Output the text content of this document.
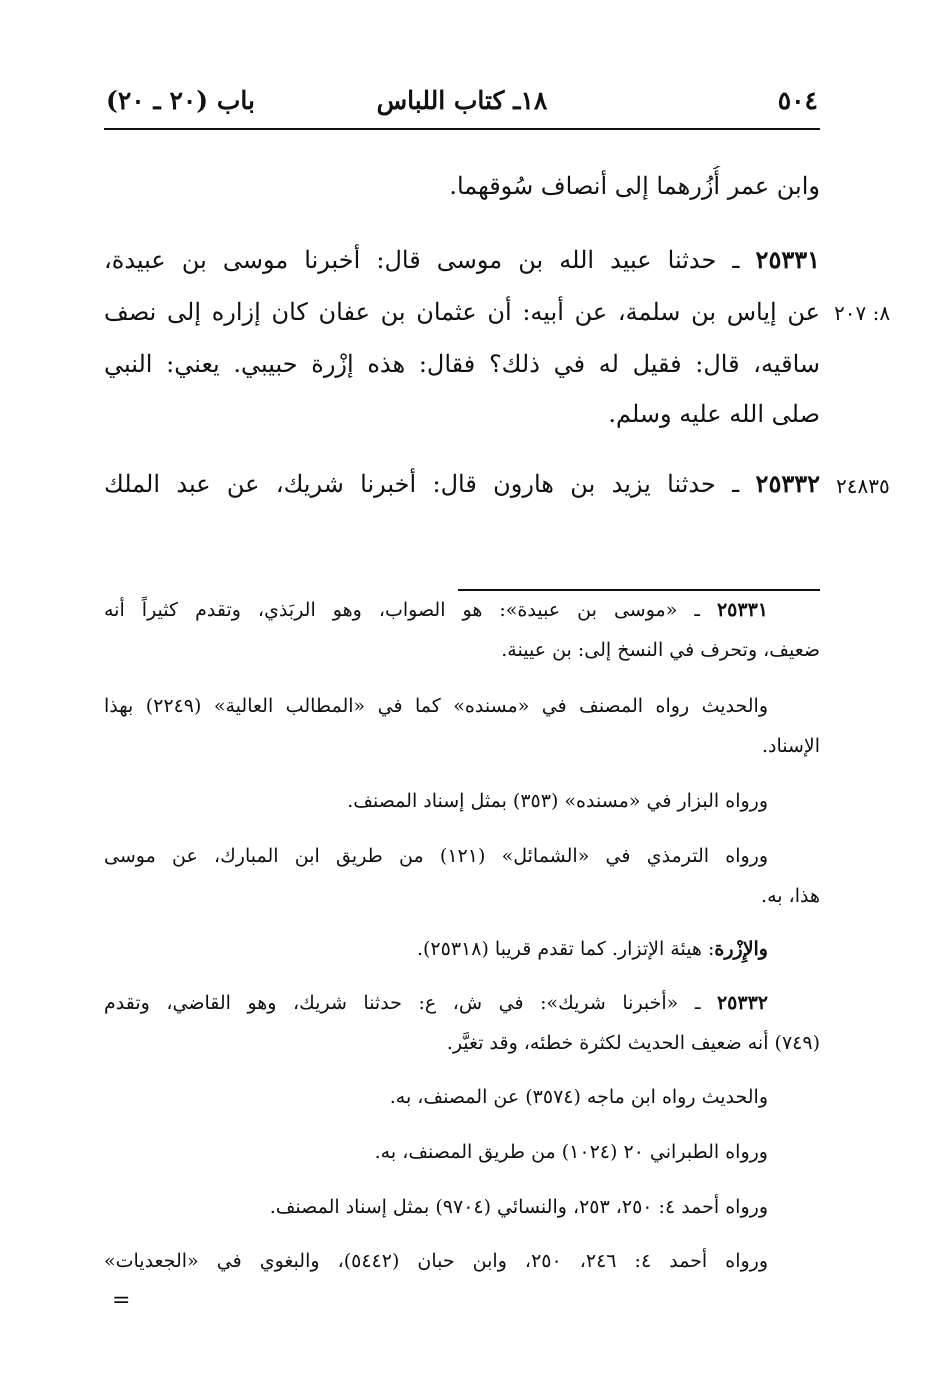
٥٠٤
١٨ـ كتاب اللباس
باب (٢٠ ـ ٢٠)
وابن عمر أُزُرهما إلى أنصاف سُوقهما.
٢٥٣٣١ ـ حدثنا عبيد الله بن موسى قال: أخبرنا موسى بن عبيدة،
عن إياس بن سلمة، عن أبيه: أن عثمان بن عفان كان إزاره إلى نصف
ساقيه، قال: فقيل له في ذلك؟ فقال: هذه إزْرة حبيبي. يعني: النبي
صلى الله عليه وسلم.
٢٥٣٣٢ ـ حدثنا يزيد بن هارون قال: أخبرنا شريك، عن عبد الملك
٨: ٢٠٧
٢٤٨٣٥
٢٥٣٣١ ـ «موسى بن عبيدة»: هو الصواب، وهو الربَذي، وتقدم كثيراً أنه
ضعيف، وتحرف في النسخ إلى: بن عيينة.
والحديث رواه المصنف في «مسنده» كما في «المطالب العالية» (٢٢٤٩) بهذا
الإسناد.
ورواه البزار في «مسنده» (٣٥٣) بمثل إسناد المصنف.
ورواه الترمذي في «الشمائل» (١٢١) من طريق ابن المبارك، عن موسى
هذا، به.
والإِزْرة: هيئة الإتزار. كما تقدم قريبا (٢٥٣١٨).
٢٥٣٣٢ ـ «أخبرنا شريك»: في ش، ع: حدثنا شريك، وهو القاضي، وتقدم
(٧٤٩) أنه ضعيف الحديث لكثرة خطئه، وقد تغيَّر.
والحديث رواه ابن ماجه (٣٥٧٤) عن المصنف، به.
ورواه الطبراني ٢٠ (١٠٢٤) من طريق المصنف، به.
ورواه أحمد ٤: ٢٥٠، ٢٥٣، والنسائي (٩٧٠٤) بمثل إسناد المصنف.
ورواه أحمد ٤: ٢٤٦، ٢٥٠، وابن حبان (٥٤٤٢)، والبغوي في «الجعديات»
=
